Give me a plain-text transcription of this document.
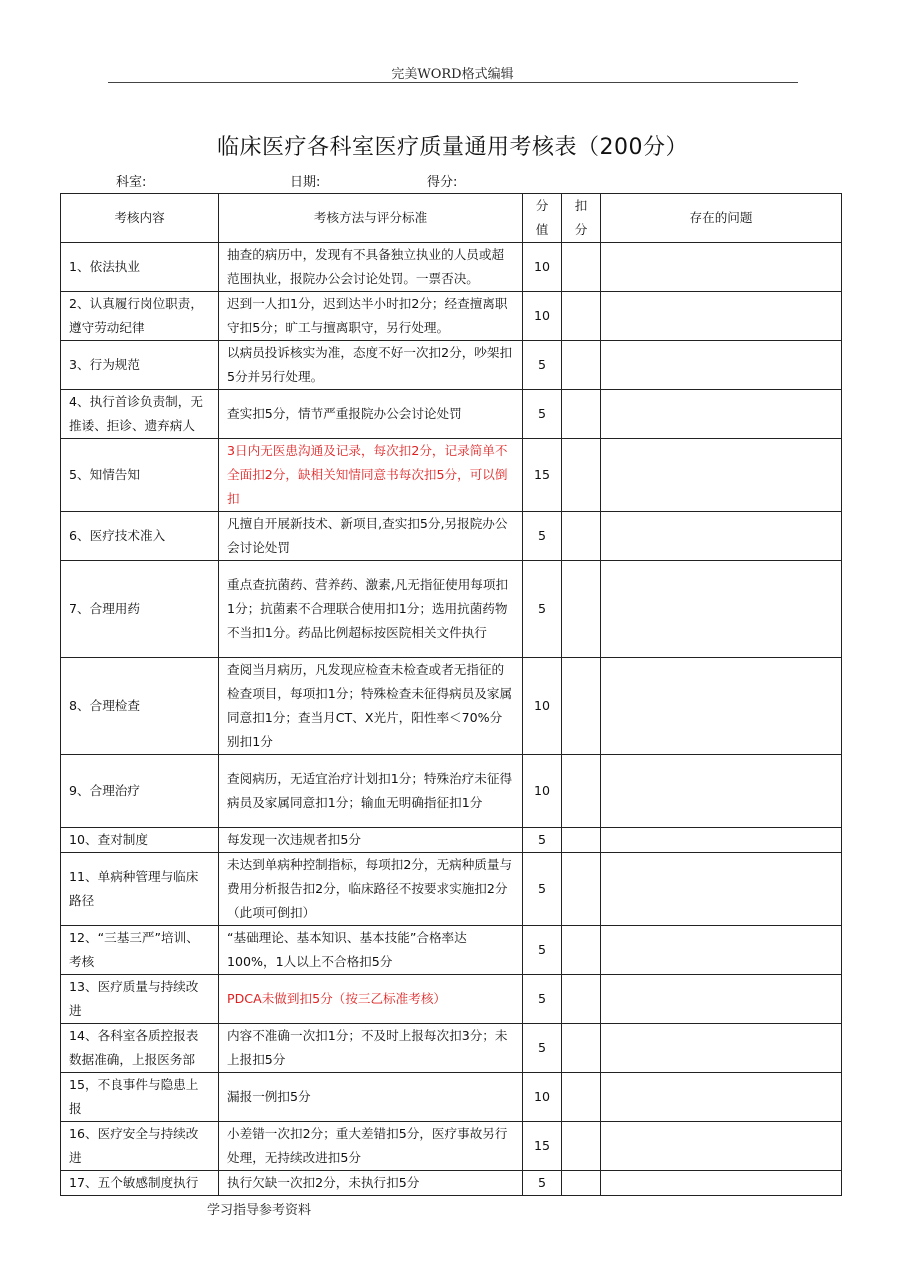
完美WORD格式编辑
临床医疗各科室医疗质量通用考核表（200分）
科室:	日期:	得分:
考核内容	考核方法与评分标准	分值	扣分	存在的问题
1、依法执业	抽查的病历中，发现有不具备独立执业的人员或超范围执业，报院办公会讨论处罚。一票否决。	10		
2、认真履行岗位职责，遵守劳动纪律	迟到一人扣1分，迟到达半小时扣2分；经查擅离职守扣5分；旷工与擅离职守，另行处理。	10		
3、行为规范	以病员投诉核实为准，态度不好一次扣2分，吵架扣5分并另行处理。	5		
4、执行首诊负责制，无推诿、拒诊、遗弃病人	查实扣5分，情节严重报院办公会讨论处罚	5		
5、知情告知	3日内无医患沟通及记录，每次扣2分，记录简单不全面扣2分，缺相关知情同意书每次扣5分，可以倒扣	15		
6、医疗技术准入	凡擅自开展新技术、新项目,查实扣5分,另报院办公会讨论处罚	5		
7、合理用药	重点查抗菌药、营养药、激素,凡无指征使用每项扣1分；抗菌素不合理联合使用扣1分；选用抗菌药物不当扣1分。药品比例超标按医院相关文件执行	5		
8、合理检查	查阅当月病历，凡发现应检查未检查或者无指征的检查项目，每项扣1分；特殊检查未征得病员及家属同意扣1分；查当月CT、X光片，阳性率＜70%分别扣1分	10		
9、合理治疗	查阅病历，无适宜治疗计划扣1分；特殊治疗未征得病员及家属同意扣1分；输血无明确指征扣1分	10		
10、查对制度	每发现一次违规者扣5分	5		
11、单病种管理与临床路径	未达到单病种控制指标，每项扣2分，无病种质量与费用分析报告扣2分，临床路径不按要求实施扣2分（此项可倒扣）	5		
12、“三基三严”培训、考核	“基础理论、基本知识、基本技能”合格率达100%，1人以上不合格扣5分	5		
13、医疗质量与持续改进	PDCA未做到扣5分（按三乙标准考核）	5		
14、各科室各质控报表数据准确，上报医务部	内容不准确一次扣1分；不及时上报每次扣3分；未上报扣5分	5		
15，不良事件与隐患上报	漏报一例扣5分	10		
16、医疗安全与持续改进	小差错一次扣2分；重大差错扣5分，医疗事故另行处理，无持续改进扣5分	15		
17、五个敏感制度执行	执行欠缺一次扣2分，未执行扣5分	5		
学习指导参考资料
